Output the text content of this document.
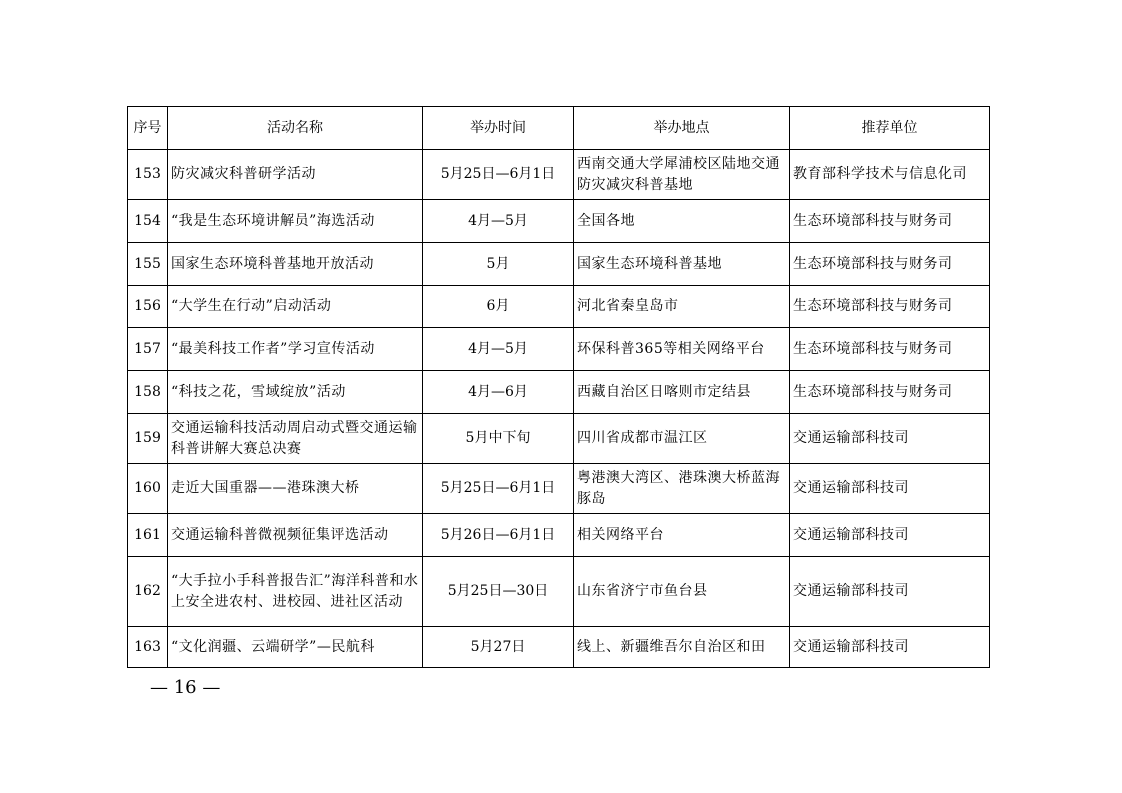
序号	活动名称	举办时间	举办地点	推荐单位
153	防灾减灾科普研学活动	5月25日—6月1日	西南交通大学犀浦校区陆地交通防灾减灾科普基地	教育部科学技术与信息化司
154	“我是生态环境讲解员”海选活动	4月—5月	全国各地	生态环境部科技与财务司
155	国家生态环境科普基地开放活动	5月	国家生态环境科普基地	生态环境部科技与财务司
156	“大学生在行动”启动活动	6月	河北省秦皇岛市	生态环境部科技与财务司
157	“最美科技工作者”学习宣传活动	4月—5月	环保科普365等相关网络平台	生态环境部科技与财务司
158	“科技之花，雪域绽放”活动	4月—6月	西藏自治区日喀则市定结县	生态环境部科技与财务司
159	交通运输科技活动周启动式暨交通运输科普讲解大赛总决赛	5月中下旬	四川省成都市温江区	交通运输部科技司
160	走近大国重器——港珠澳大桥	5月25日—6月1日	粤港澳大湾区、港珠澳大桥蓝海豚岛	交通运输部科技司
161	交通运输科普微视频征集评选活动	5月26日—6月1日	相关网络平台	交通运输部科技司
162	“大手拉小手科普报告汇”海洋科普和水上安全进农村、进校园、进社区活动	5月25日—30日	山东省济宁市鱼台县	交通运输部科技司
163	“文化润疆、云端研学”—民航科	5月27日	线上、新疆维吾尔自治区和田	交通运输部科技司
— 16 —
